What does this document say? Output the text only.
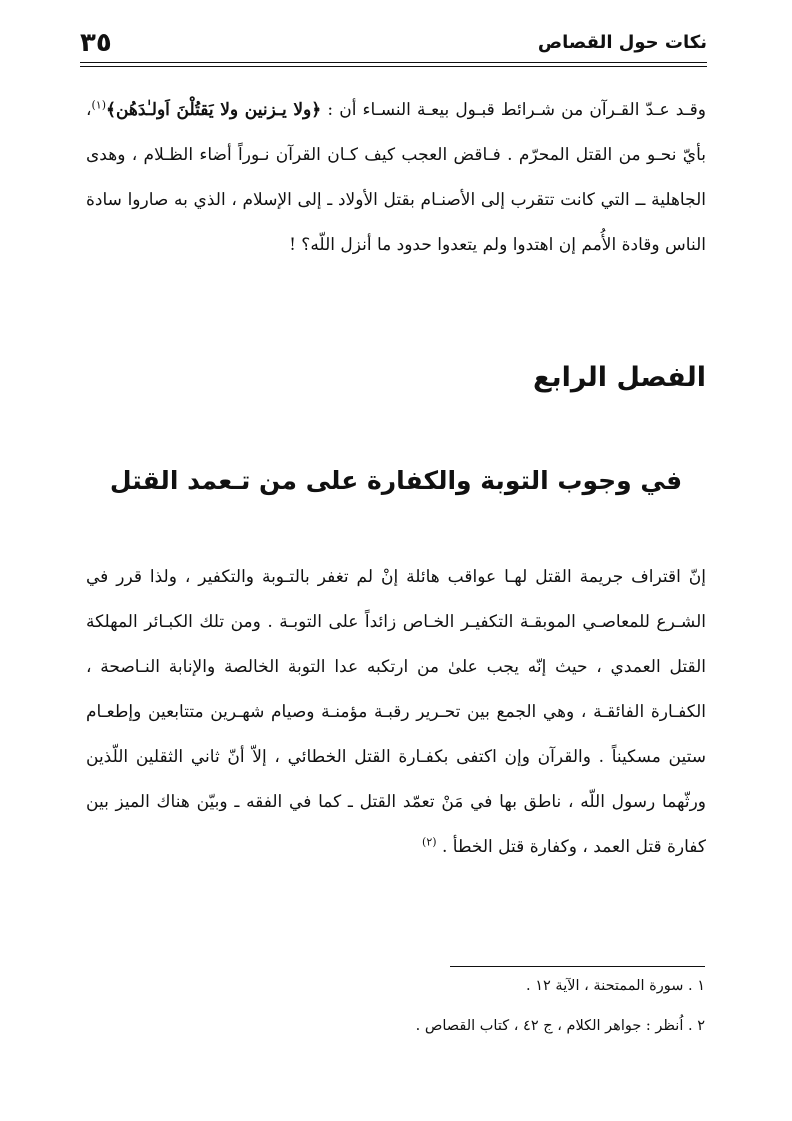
نكات حول القصاص
٣٥

وقـد عـدّ القـرآن من شـرائط قبـول بيعـة النسـاء أن : ﴿ولا يـزنين ولا يَقتُلْنَ اَولـٰدَهُن﴾$^{(١)}$، بأيّ نحـو من القتل المحرّم . فـاقض العجب كيف كـان القرآن نـوراً أضاء الظـلام ، وهدى الجاهلية ــ التي كانت تتقرب إلى الأصنـام بقتل الأولاد ـ إلى الإسلام ، الذي به صاروا سادة الناس وقادة الأُمم إن اهتدوا ولم يتعدوا حدود ما أنزل اللّه؟ !

الفصل الرابع
في وجوب التوبة والكفارة على من تـعمد القتل

إنّ اقتراف جريمة القتل لهـا عواقب هائلة إنْ لم تغفر بالتـوبة والتكفير ، ولذا قرر في الشـرع للمعاصـي الموبقـة التكفيـر الخـاص زائداً على التوبـة . ومن تلك الكبـائر المهلكة القتل العمدي ، حيث إنّه يجب علىٰ من ارتكبه عدا التوبة الخالصة والإنابة النـاصحة ، الكفـارة الفائقـة ، وهي الجمع بين تحـرير رقبـة مؤمنـة وصيام شهـرين متتابعين وإطعـام ستين مسكيناً . والقرآن وإن اكتفى بكفـارة القتل الخطائي ، إلاّ أنّ ثاني الثقلين اللّذين ورثّهما رسول اللّه ، ناطق بها في مَنْ تعمّد القتل ـ كما في الفقه ـ وبيّن هناك الميز بين كفارة قتل العمد ، وكفارة قتل الخطأ . $^{(٢)}$

١ . سورة الممتحنة ، الآية ١٢ .

٢ . اُنظر : جواهر الكلام ، ج ٤٢ ، كتاب القصاص .
